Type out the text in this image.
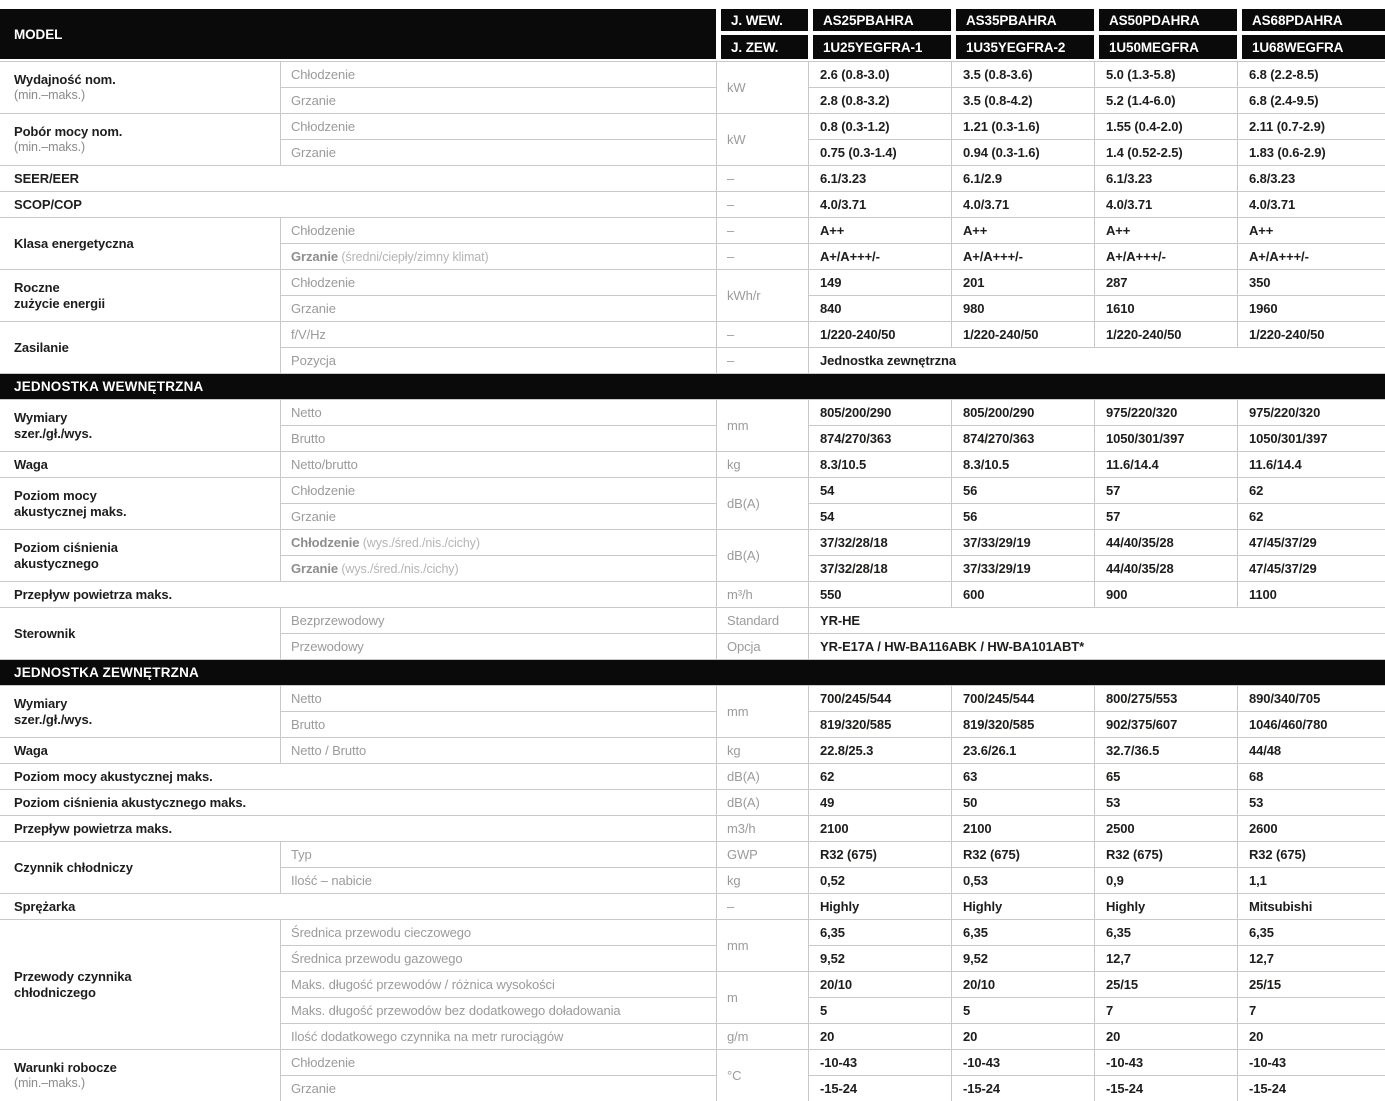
MODEL		J. WEW.	AS25PBAHRA	AS35PBAHRA	AS50PDAHRA	AS68PDAHRA
		J. ZEW.	1U25YEGFRA-1	1U35YEGFRA-2	1U50MEGFRA	1U68WEGFRA

Wydajność nom.
(min.–maks.)	Chłodzenie	kW	2.6 (0.8-3.0)	3.5 (0.8-3.6)	5.0 (1.3-5.8)	6.8 (2.2-8.5)
	Grzanie		2.8 (0.8-3.2)	3.5 (0.8-4.2)	5.2 (1.4-6.0)	6.8 (2.4-9.5)

Pobór mocy nom.
(min.–maks.)	Chłodzenie	kW	0.8 (0.3-1.2)	1.21 (0.3-1.6)	1.55 (0.4-2.0)	2.11 (0.7-2.9)
	Grzanie		0.75 (0.3-1.4)	0.94 (0.3-1.6)	1.4 (0.52-2.5)	1.83 (0.6-2.9)

SEER/EER		–	6.1/3.23	6.1/2.9	6.1/3.23	6.8/3.23

SCOP/COP		–	4.0/3.71	4.0/3.71	4.0/3.71	4.0/3.71

Klasa energetyczna	Chłodzenie	–	A++	A++	A++	A++
	Grzanie (średni/ciepły/zimny klimat)	–	A+/A+++/-	A+/A+++/-	A+/A+++/-	A+/A+++/-

Roczne
zużycie energii	Chłodzenie	kWh/r	149	201	287	350
	Grzanie		840	980	1610	1960

Zasilanie	f/V/Hz	–	1/220-240/50	1/220-240/50	1/220-240/50	1/220-240/50
	Pozycja	–	Jednostka zewnętrzna			
JEDNOSTKA WEWNĘTRZNA						

Wymiary
szer./gł./wys.	Netto	mm	805/200/290	805/200/290	975/220/320	975/220/320
	Brutto		874/270/363	874/270/363	1050/301/397	1050/301/397

Waga	Netto/brutto	kg	8.3/10.5	8.3/10.5	11.6/14.4	11.6/14.4

Poziom mocy
akustycznej maks.	Chłodzenie	dB(A)	54	56	57	62
	Grzanie		54	56	57	62

Poziom ciśnienia
akustycznego	Chłodzenie (wys./śred./nis./cichy)	dB(A)	37/32/28/18	37/33/29/19	44/40/35/28	47/45/37/29
	Grzanie (wys./śred./nis./cichy)		37/32/28/18	37/33/29/19	44/40/35/28	47/45/37/29

Przepływ powietrza maks.		m³/h	550	600	900	1100

Sterownik	Bezprzewodowy	Standard	YR-HE			
	Przewodowy	Opcja	YR-E17A / HW-BA116ABK / HW-BA101ABT*			
JEDNOSTKA ZEWNĘTRZNA						

Wymiary
szer./gł./wys.	Netto	mm	700/245/544	700/245/544	800/275/553	890/340/705
	Brutto		819/320/585	819/320/585	902/375/607	1046/460/780

Waga	Netto / Brutto	kg	22.8/25.3	23.6/26.1	32.7/36.5	44/48

Poziom mocy akustycznej maks.		dB(A)	62	63	65	68

Poziom ciśnienia akustycznego maks.		dB(A)	49	50	53	53

Przepływ powietrza maks.		m3/h	2100	2100	2500	2600

Czynnik chłodniczy	Typ	GWP	R32 (675)	R32 (675)	R32 (675)	R32 (675)
	Ilość – nabicie	kg	0,52	0,53	0,9	1,1

Sprężarka		–	Highly	Highly	Highly	Mitsubishi

Przewody czynnika
chłodniczego	Średnica przewodu cieczowego	mm	6,35	6,35	6,35	6,35
	Średnica przewodu gazowego		9,52	9,52	12,7	12,7
	Maks. długość przewodów / różnica wysokości	m	20/10	20/10	25/15	25/15
	Maks. długość przewodów bez dodatkowego doładowania		5	5	7	7
	Ilość dodatkowego czynnika na metr rurociągów	g/m	20	20	20	20

Warunki robocze
(min.–maks.)	Chłodzenie	°C	-10-43	-10-43	-10-43	-10-43
	Grzanie		-15-24	-15-24	-15-24	-15-24
